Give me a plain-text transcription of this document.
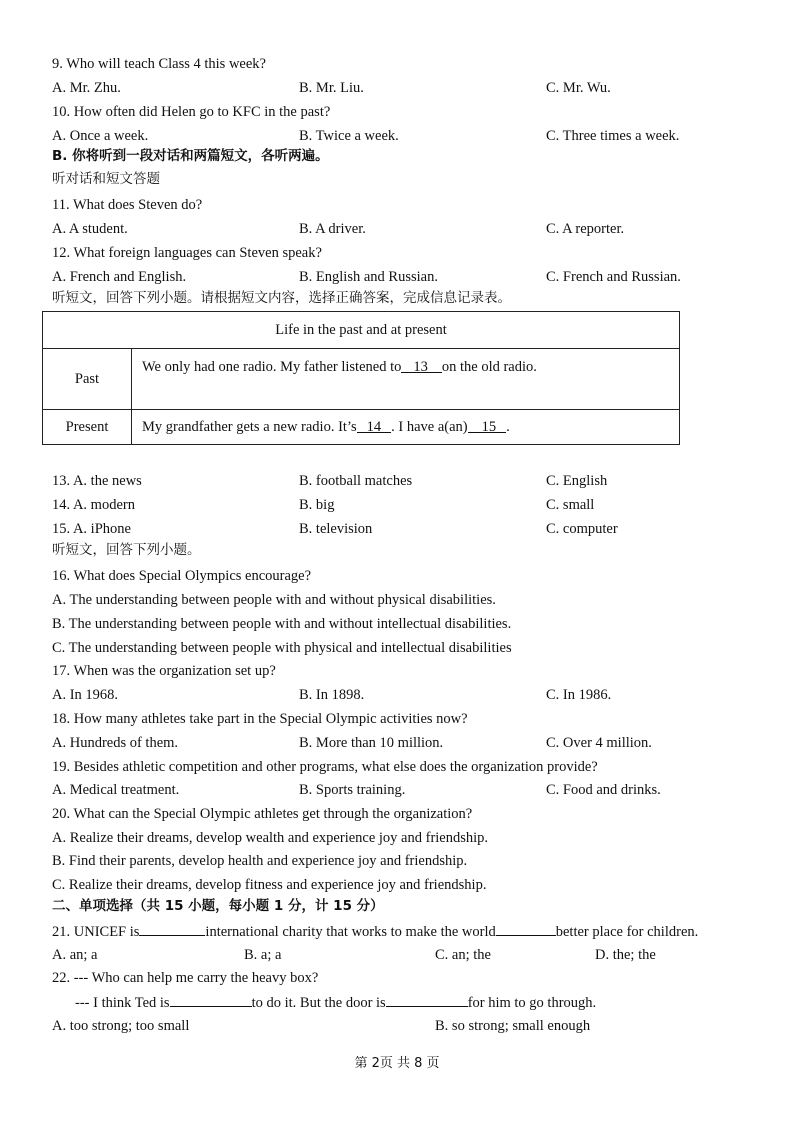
9. Who will teach Class 4 this week?
A. Mr. Zhu.	B. Mr. Liu.	C. Mr. Wu.
10. How often did Helen go to KFC in the past?
A. Once a week.	B. Twice a week.	C. Three times a week.
B. 你将听到一段对话和两篇短文，各听两遍。
听对话和短文答题
11. What does Steven do?
A. A student.	B. A driver.	C. A reporter.
12. What foreign languages can Steven speak?
A. French and English.	B. English and Russian.	C. French and Russian.
听短文，回答下列小题。请根据短文内容，选择正确答案，完成信息记录表。
Life in the past and at present	
Past	We only had one radio. My father listened to 13 on the old radio.

Present	My grandfather gets a new radio. It’s 14 . I have a(an) 15 .
13. A. the news	B. football matches	C. English
14. A. modern	B. big	C. small
15. A. iPhone	B. television	C. computer
听短文，回答下列小题。
16. What does Special Olympics encourage?
A. The understanding between people with and without physical disabilities.
B. The understanding between people with and without intellectual disabilities.
C. The understanding between people with physical and intellectual disabilities
17. When was the organization set up?
A. In 1968.	B. In 1898.	C. In 1986.
18. How many athletes take part in the Special Olympic activities now?
A. Hundreds of them.	B. More than 10 million.	C. Over 4 million.
19. Besides athletic competition and other programs, what else does the organization provide?
A. Medical treatment.	B. Sports training.	C. Food and drinks.
20. What can the Special Olympic athletes get through the organization?
A. Realize their dreams, develop wealth and experience joy and friendship.
B. Find their parents, develop health and experience joy and friendship.
C. Realize their dreams, develop fitness and experience joy and friendship.
二、单项选择（共 15 小题，每小题 1 分，计 15 分）
21. UNICEF is	international charity that works to make the world	better place for children.
A. an; a	B. a; a	C. an; the	D. the; the
22. --- Who can help me carry the heavy box?
--- I think Ted is	to do it. But the door is	for him to go through.
A. too strong; too small	B. so strong; small enough
第 2页 共 8 页
